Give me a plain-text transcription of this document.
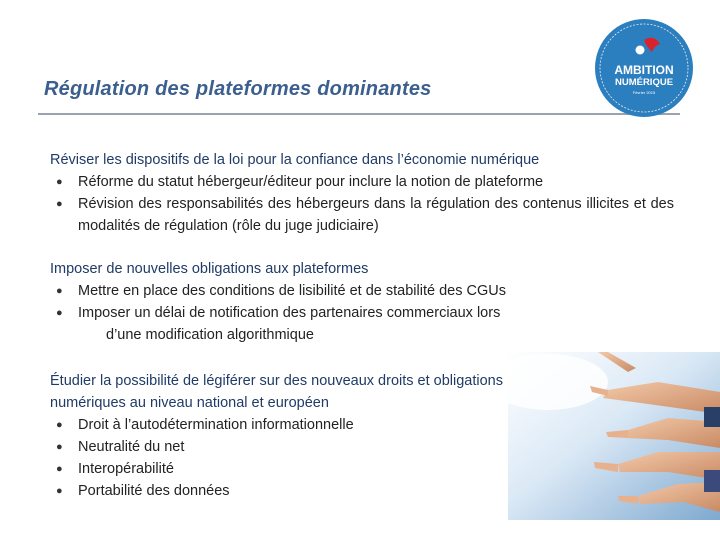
Régulation des plateformes dominantes
AMBITION
NUMÉRIQUE
Février 2015
Réviser les dispositifs de la loi pour la confiance dans l’économie numérique
● Réforme du statut hébergeur/éditeur pour inclure la notion de plateforme
● Révision des responsabilités des hébergeurs dans la régulation des contenus illicites et des modalités de régulation (rôle du juge judiciaire)
Imposer de nouvelles obligations aux plateformes
● Mettre en place des conditions de lisibilité et de stabilité des CGUs
● Imposer un délai de notification des partenaires commerciaux lors
d’une modification algorithmique
Étudier la possibilité de légiférer sur des nouveaux droits et obligations numériques au niveau national et européen
● Droit à l’autodétermination informationnelle
● Neutralité du net
● Interopérabilité
● Portabilité des données
